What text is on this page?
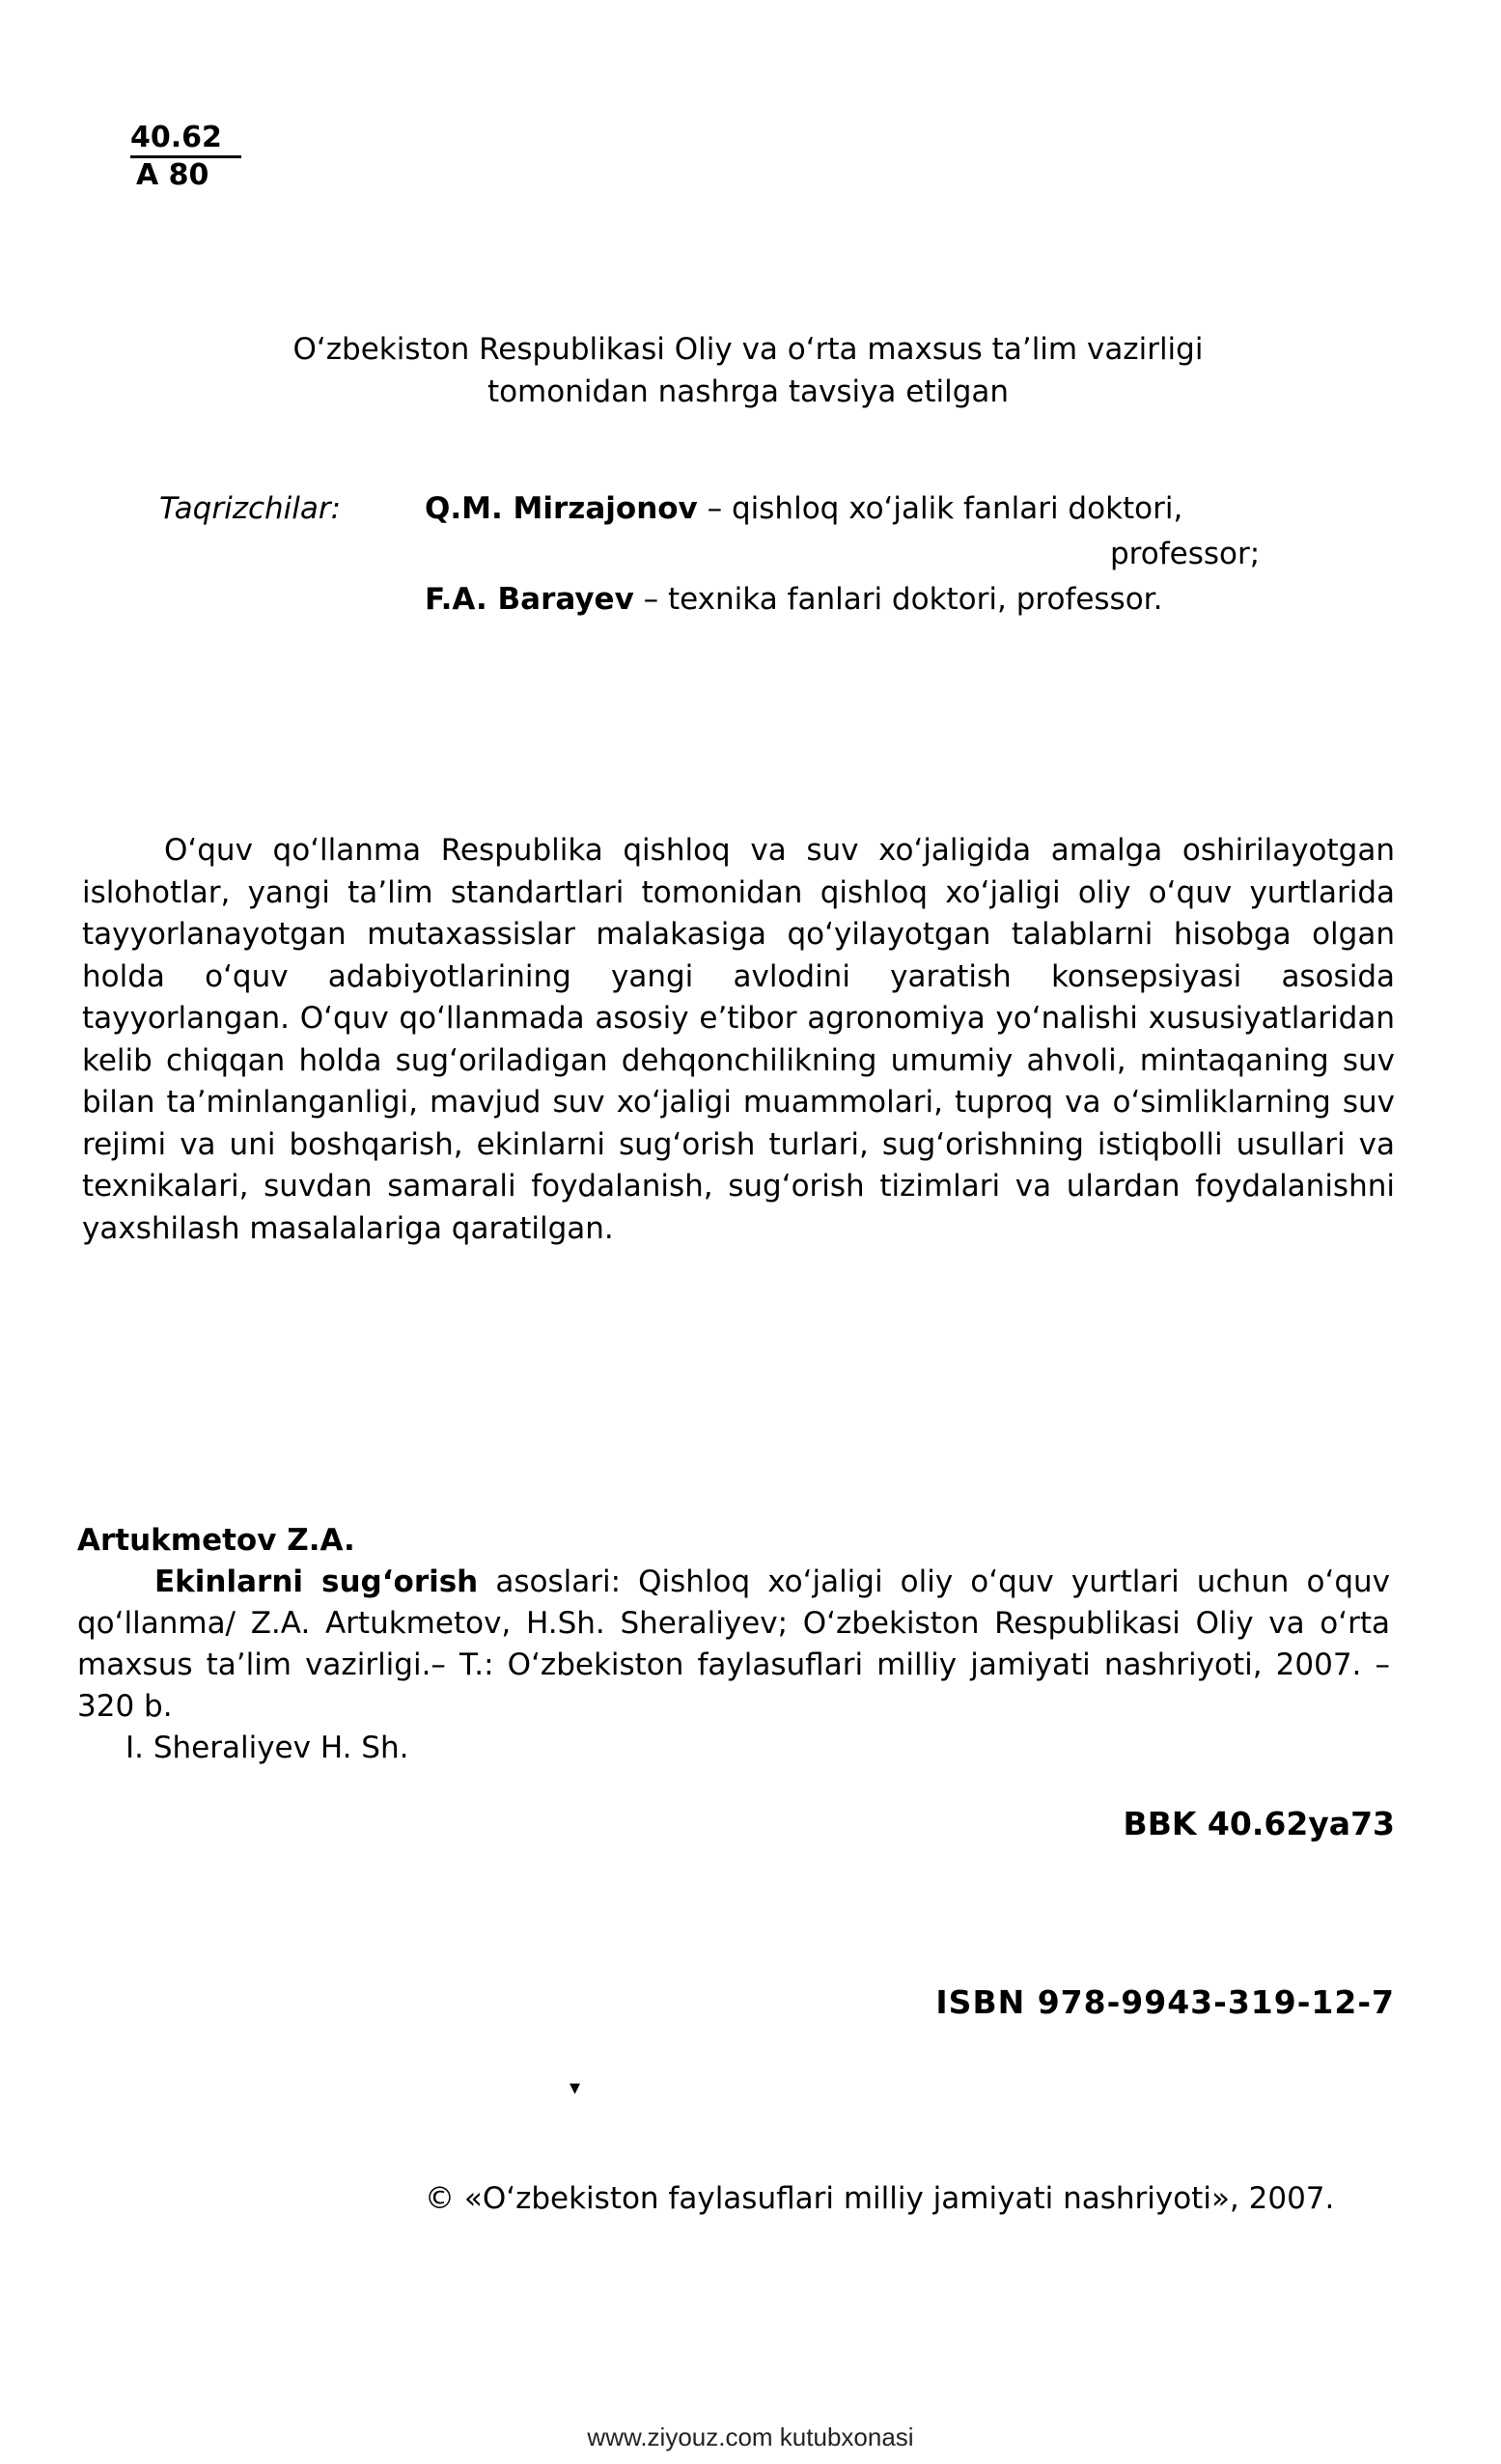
40.62
A 80
O‘zbekiston Respublikasi Oliy va o‘rta maxsus ta’lim vazirligi
tomonidan nashrga tavsiya etilgan
Taqrizchilar:	Q.M. Mirzajonov – qishloq xo‘jalik fanlari doktori,
professor;
F.A. Barayev – texnika fanlari doktori, professor.

O‘quv qo‘llanma Respublika qishloq va suv xo‘jaligida amalga oshirilayotgan islohotlar, yangi ta’lim standartlari tomonidan qishloq xo‘jaligi oliy o‘quv yurtlarida tayyorlanayotgan mutaxassislar malakasiga qo‘yilayotgan talablarni hisobga olgan holda o‘quv adabiyotlarining yangi avlodini yaratish konsepsiyasi asosida tayyorlangan. O‘quv qo‘llanmada asosiy e’tibor agronomiya yo‘nalishi xususiyatlaridan kelib chiqqan holda sug‘oriladigan dehqonchilikning umumiy ahvoli, mintaqaning suv bilan ta’minlanganligi, mavjud suv xo‘jaligi muammolari, tuproq va o‘simliklarning suv rejimi va uni boshqarish, ekinlarni sug‘orish turlari, sug‘orishning istiqbolli usullari va texnikalari, suvdan samarali foydalanish, sug‘orish tizimlari va ulardan foydalanishni yaxshilash masalalariga qaratilgan.

Artukmetov Z.A.
Ekinlarni sug‘orish asoslari: Qishloq xo‘jaligi oliy o‘quv yurtlari uchun o‘quv qo‘llanma/ Z.A. Artukmetov, H.Sh. Sheraliyev; O‘zbekiston Respublikasi Oliy va o‘rta maxsus ta’lim vazirligi.– T.: O‘zbekiston faylasuflari milliy jamiyati nashriyoti, 2007. –320 b.
I. Sheraliyev H. Sh.
BBK 40.62ya73
ISBN 978-9943-319-12-7
▾
© «O‘zbekiston faylasuflari milliy jamiyati nashriyoti», 2007.
www.ziyouz.com kutubxonasi
